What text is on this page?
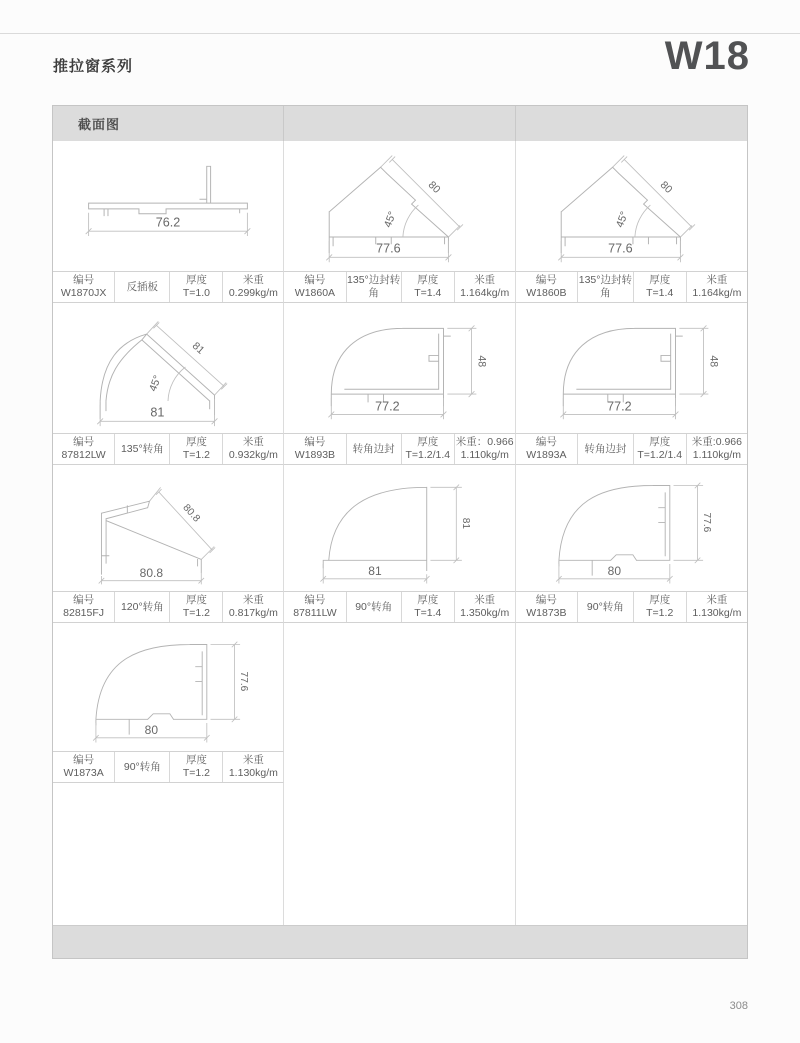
推拉窗系列	W18
截面图
76.2
80
45°
77.6
80
45°
77.6
编号
W1870JX
反插板
厚度
T=1.0
米重
0.299kg/m
编号
W1860A
135°边封转角
厚度
T=1.4
米重
1.164kg/m
编号
W1860B
135°边封转角
厚度
T=1.4
米重
1.164kg/m
81
45°
81	77.2
48
77.2
48
编号
87812LW
135°转角
厚度
T=1.2
米重
0.932kg/m
编号
W1893B
转角边封
厚度
T=1.2/1.4
米重：0.966
1.110kg/m
编号
W1893A
转角边封
厚度
T=1.2/1.4
米重:0.966
1.110kg/m
80.8
80.8
81
81
77.6
80
编号
82815FJ
120°转角
厚度
T=1.2
米重
0.817kg/m
编号
87811LW
90°转角
厚度
T=1.4
米重
1.350kg/m
编号
W1873B
90°转角
厚度
T=1.2
米重
1.130kg/m
77.6
80
编号
W1873A
90°转角
厚度
T=1.2
米重
1.130kg/m
308
